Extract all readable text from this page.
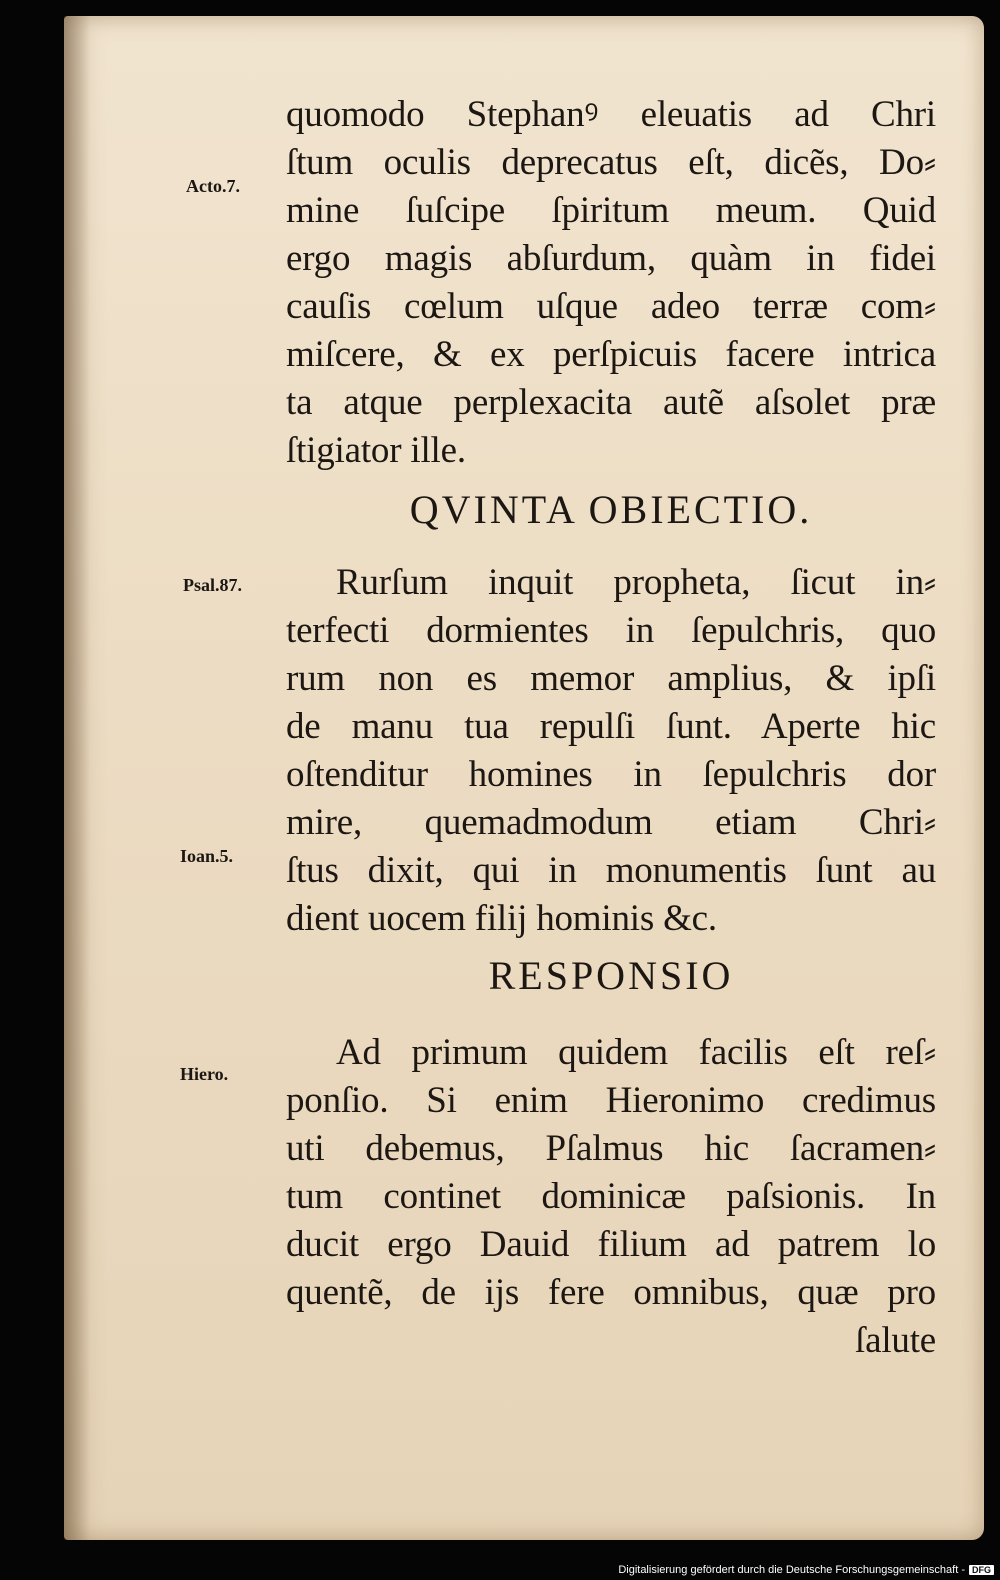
Acto.7.
Psal.87.
Ioan.5.
Hiero.
quomodo Stephanꝰ eleuatis ad Chri
ſtum oculis deprecatus eſt, dicẽs, Do⸗
mine ſuſcipe ſpiritum meum. Quid
ergo magis abſurdum, quàm in fidei
cauſis cœlum uſque adeo terræ com⸗
miſcere, & ex perſpicuis facere intrica
ta atque perplexacita autẽ aſsolet præ
ſtigiator ille.
QVINTA OBIECTIO.
Rurſum inquit propheta, ſicut in⸗
terfecti dormientes in ſepulchris, quo
rum non es memor amplius, & ipſi
de manu tua repulſi ſunt. Aperte hic
oſtenditur homines in ſepulchris dor
mire, quemadmodum etiam Chri⸗
ſtus dixit, qui in monumentis ſunt au
dient uocem filij hominis &c.
RESPONSIO
Ad primum quidem facilis eſt reſ⸗
ponſio. Si enim Hieronimo credimus
uti debemus, Pſalmus hic ſacramen⸗
tum continet dominicæ paſsionis. In
ducit ergo Dauid filium ad patrem lo
quentẽ, de ijs fere omnibus, quæ pro
ſalute
Digitalisierung gefördert durch die Deutsche Forschungsgemeinschaft - DFG
